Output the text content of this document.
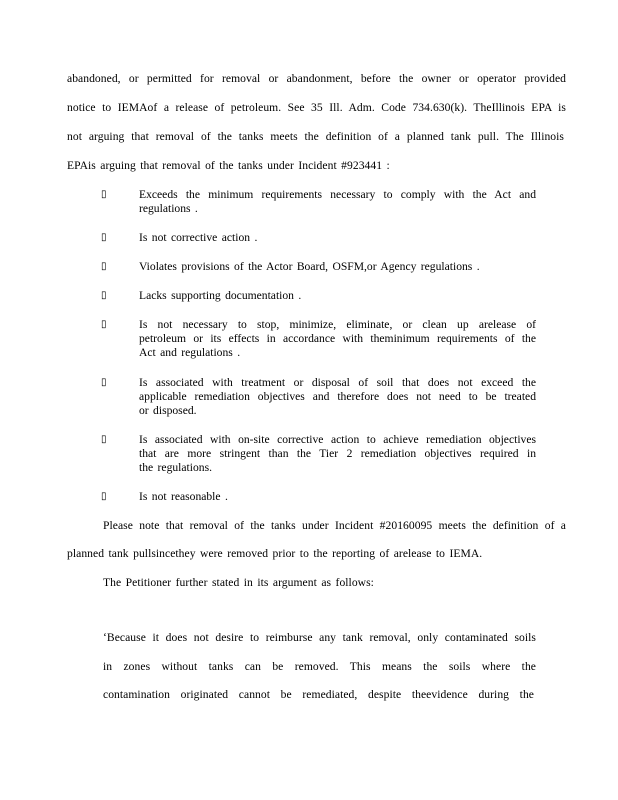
abandoned, or permitted for removal or abandonment, before the owner or operator provided
notice to IEMAof a release of petroleum. See 35 Ill. Adm. Code 734.630(k). TheIllinois EPA is
not arguing that removal of the tanks meets the definition of a planned tank pull. The Illinois
EPAis arguing that removal of the tanks under Incident #923441 :
▯	Exceeds the minimum requirements necessary to comply with the Act and
regulations .
▯	Is not corrective action .
▯	Violates provisions of the Actor Board, OSFM,or Agency regulations .
▯	Lacks supporting documentation .
▯	Is not necessary to stop, minimize, eliminate, or clean up arelease of
petroleum or its effects in accordance with theminimum requirements of the
Act and regulations .
▯	Is associated with treatment or disposal of soil that does not exceed the
applicable remediation objectives and therefore does not need to be treated
or disposed.
▯	Is associated with on-site corrective action to achieve remediation objectives
that are more stringent than the Tier 2 remediation objectives required in
the regulations.
▯	Is not reasonable .
Please note that removal of the tanks under Incident #20160095 meets the definition of a
planned tank pullsincethey were removed prior to the reporting of arelease to IEMA.
The Petitioner further stated in its argument as follows:
‘Because it does not desire to reimburse any tank removal, only contaminated soils
in zones without tanks can be removed. This means the soils where the
contamination originated cannot be remediated, despite theevidence during the
